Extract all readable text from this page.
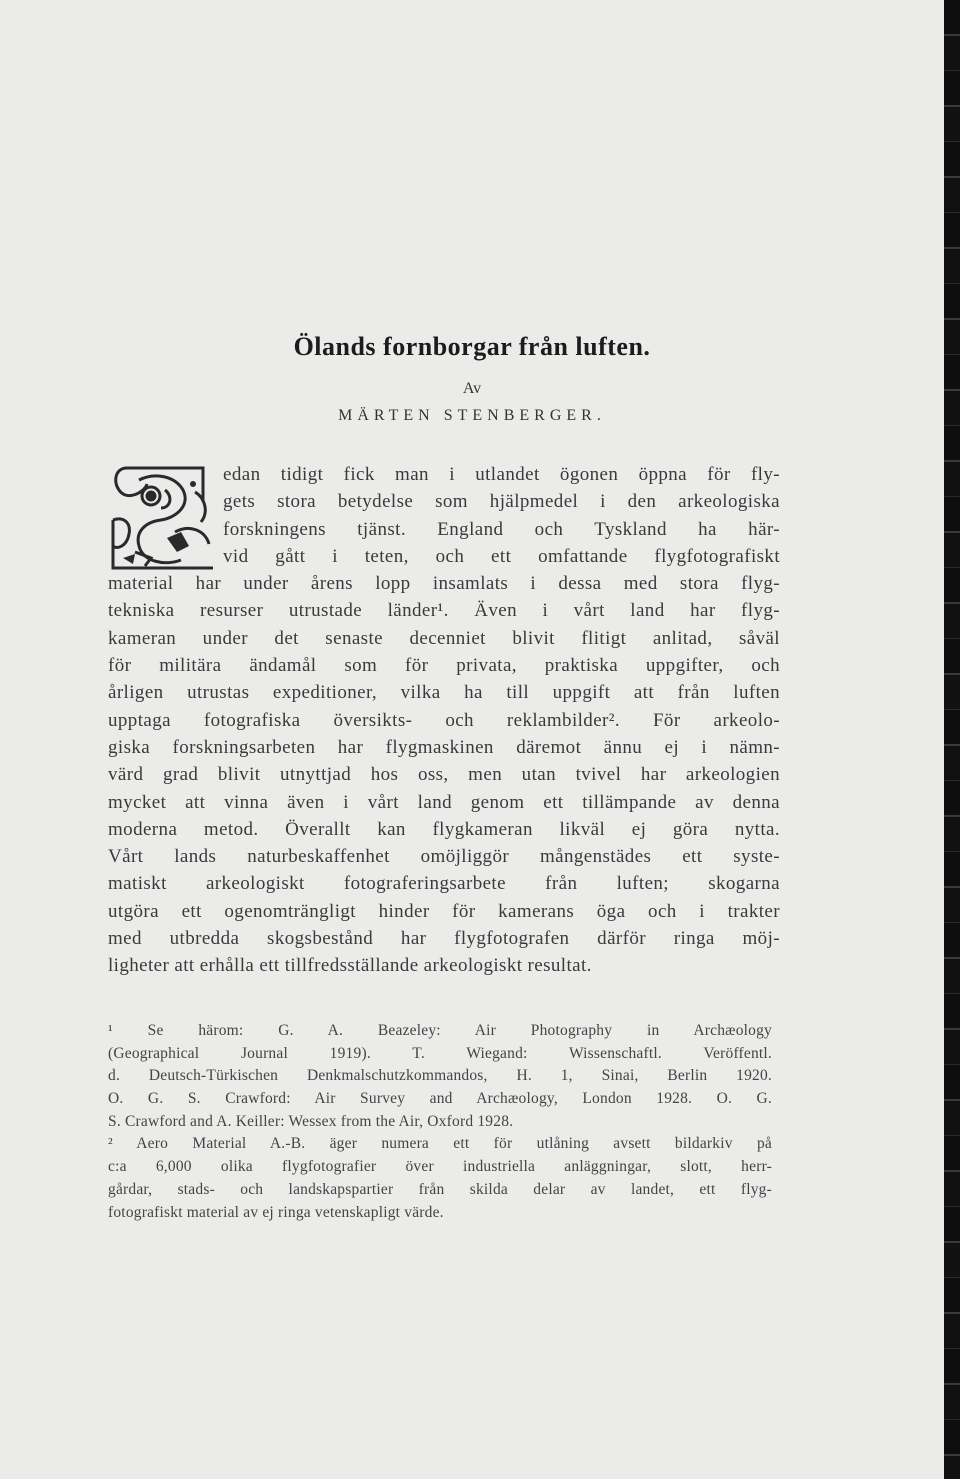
Ölands fornborgar från luften.
Av
MÄRTEN STENBERGER.
edan tidigt fick man i utlandet ögonen öppna för fly-
gets stora betydelse som hjälpmedel i den arkeologiska
forskningens tjänst. England och Tyskland ha här-
vid gått i teten, och ett omfattande flygfotografiskt
material har under årens lopp insamlats i dessa med stora flyg-
tekniska resurser utrustade länder¹. Även i vårt land har flyg-
kameran under det senaste decenniet blivit flitigt anlitad, såväl
för militära ändamål som för privata, praktiska uppgifter, och
årligen utrustas expeditioner, vilka ha till uppgift att från luften
upptaga fotografiska översikts- och reklambilder². För arkeolo-
giska forskningsarbeten har flygmaskinen däremot ännu ej i nämn-
värd grad blivit utnyttjad hos oss, men utan tvivel har arkeologien
mycket att vinna även i vårt land genom ett tillämpande av denna
moderna metod. Överallt kan flygkameran likväl ej göra nytta.
Vårt lands naturbeskaffenhet omöjliggör mångenstädes ett syste-
matiskt arkeologiskt fotograferingsarbete från luften; skogarna
utgöra ett ogenomträngligt hinder för kamerans öga och i trakter
med utbredda skogsbestånd har flygfotografen därför ringa möj-
ligheter att erhålla ett tillfredsställande arkeologiskt resultat.
¹ Se härom: G. A. Beazeley: Air Photography in Archæology
(Geographical Journal 1919). T. Wiegand: Wissenschaftl. Veröffentl.
d. Deutsch-Türkischen Denkmalschutzkommandos, H. 1, Sinai, Berlin 1920.
O. G. S. Crawford: Air Survey and Archæology, London 1928. O. G.
S. Crawford and A. Keiller: Wessex from the Air, Oxford 1928.
² Aero Material A.-B. äger numera ett för utlåning avsett bildarkiv på
c:a 6,000 olika flygfotografier över industriella anläggningar, slott, herr-
gårdar, stads- och landskapspartier från skilda delar av landet, ett flyg-
fotografiskt material av ej ringa vetenskapligt värde.
